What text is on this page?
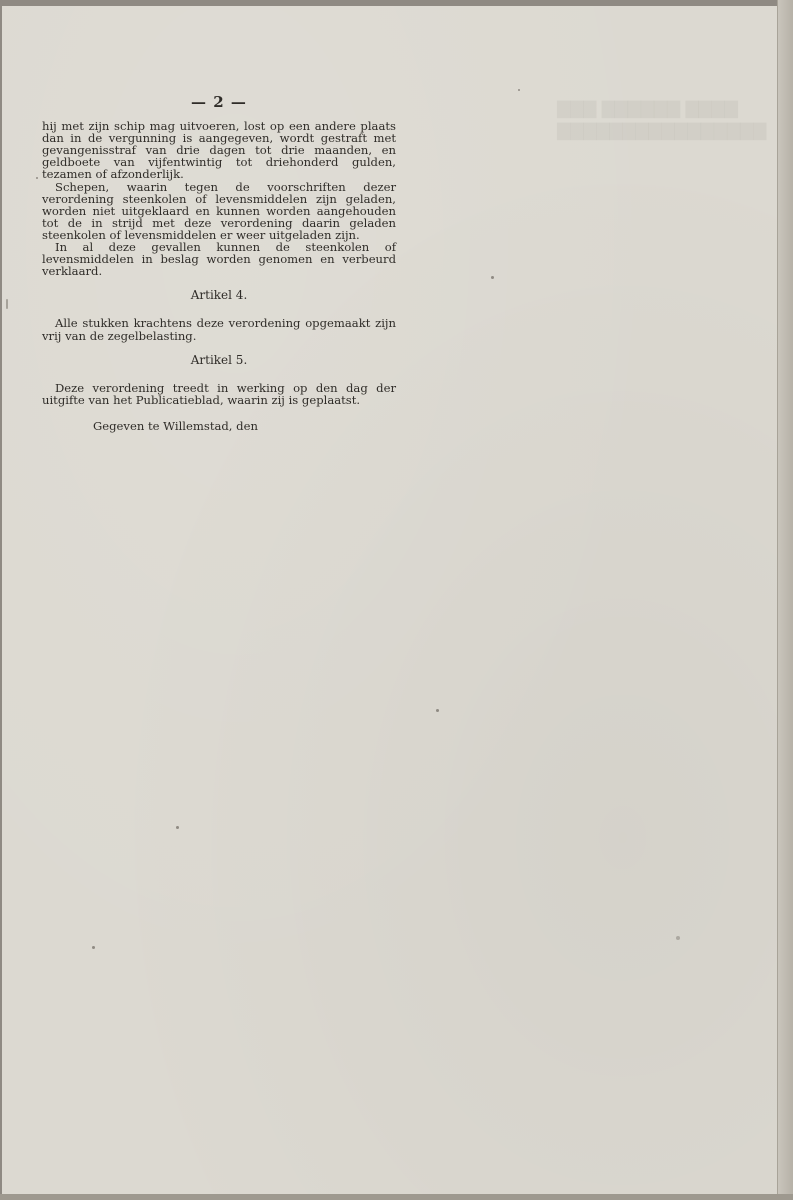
▇▇▇ ▇▇▇▇▇▇ ▇▇▇▇
▇▇▇▇▇▇▇▇▇▇▇▇▇▇▇▇
— 2 —

hij met zijn schip mag uitvoeren, lost op een andere plaats dan in de vergunning is aangegeven, wordt gestraft met gevangenisstraf van drie dagen tot drie maanden, en geldboete van vijfentwintig tot driehonderd gulden, tezamen of afzonderlijk.

Schepen, waarin tegen de voorschriften dezer verordening steenkolen of levensmiddelen zijn geladen, worden niet uitgeklaard en kunnen worden aangehouden tot de in strijd met deze verordening daarin geladen steenkolen of levensmiddelen er weer uitgeladen zijn.

In al deze gevallen kunnen de steenkolen of levensmiddelen in beslag worden genomen en verbeurd verklaard.

Artikel 4.

Alle stukken krachtens deze verordening opgemaakt zijn vrij van de zegelbelasting.

Artikel 5.

Deze verordening treedt in werking op den dag der uitgifte van het Publicatieblad, waarin zij is geplaatst.

Gegeven te Willemstad, den
